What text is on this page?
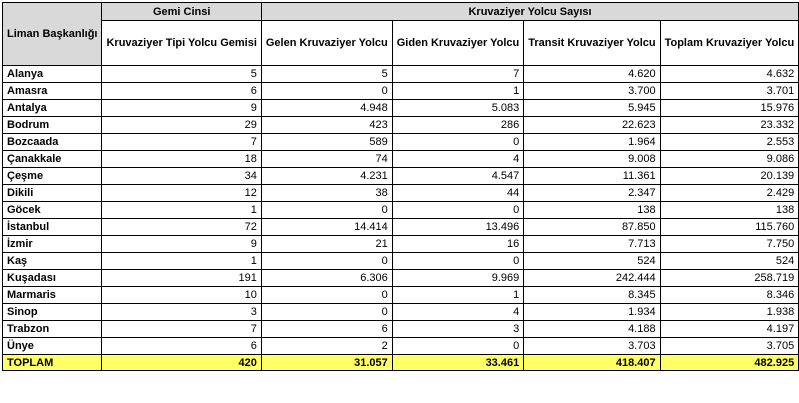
Liman Başkanlığı	Gemi Cinsi	Kruvaziyer Yolcu Sayısı			
	Kruvaziyer Tipi Yolcu Gemisi	Gelen Kruvaziyer Yolcu	Giden Kruvaziyer Yolcu	Transit Kruvaziyer Yolcu	Toplam Kruvaziyer Yolcu
Alanya	5	5	7	4.620	4.632
Amasra	6	0	1	3.700	3.701
Antalya	9	4.948	5.083	5.945	15.976
Bodrum	29	423	286	22.623	23.332
Bozcaada	7	589	0	1.964	2.553
Çanakkale	18	74	4	9.008	9.086
Çeşme	34	4.231	4.547	11.361	20.139
Dikili	12	38	44	2.347	2.429
Göcek	1	0	0	138	138
İstanbul	72	14.414	13.496	87.850	115.760
İzmir	9	21	16	7.713	7.750
Kaş	1	0	0	524	524
Kuşadası	191	6.306	9.969	242.444	258.719
Marmaris	10	0	1	8.345	8.346
Sinop	3	0	4	1.934	1.938
Trabzon	7	6	3	4.188	4.197
Ünye	6	2	0	3.703	3.705
TOPLAM	420	31.057	33.461	418.407	482.925
